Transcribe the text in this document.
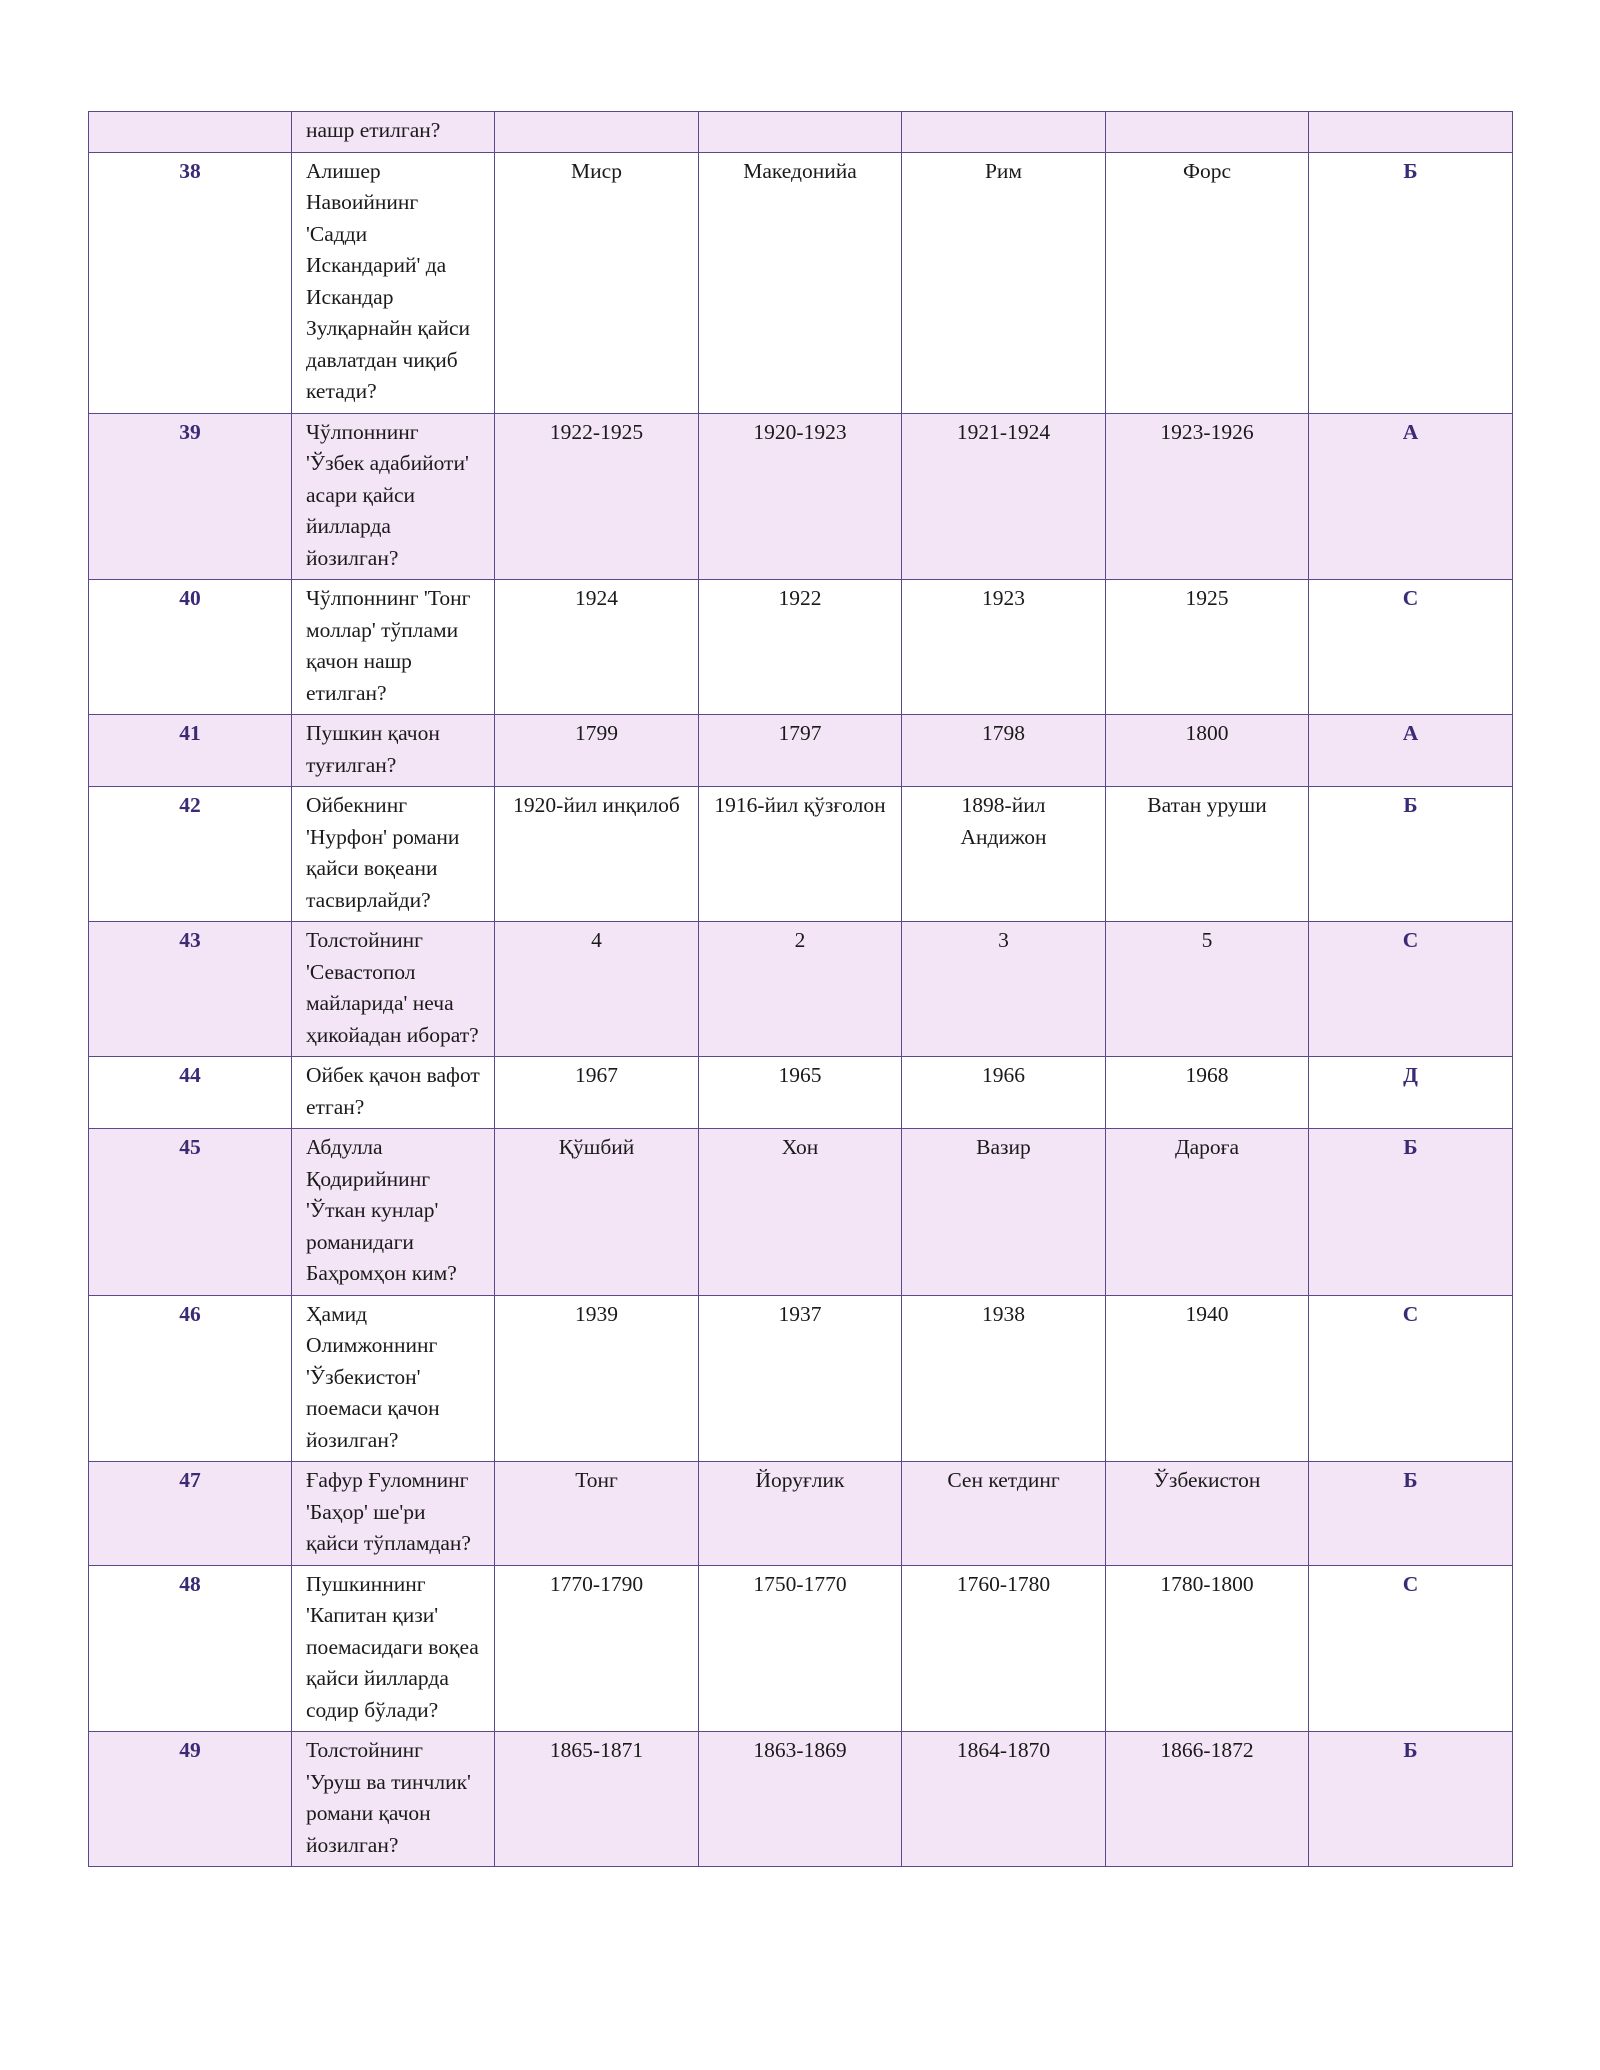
	нашр етилган?					
38	Алишер Навоийнинг 'Садди Искандарий' да Искандар Зулқарнайн қайси давлатдан чиқиб кетади?	Миср	Македонийа	Рим	Форс	Б
39	Чўлпоннинг 'Ўзбек адабийоти' асари қайси йилларда йозилган?	1922-1925	1920-1923	1921-1924	1923-1926	А
40	Чўлпоннинг 'Тонг моллар' тўплами қачон нашр етилган?	1924	1922	1923	1925	С
41	Пушкин қачон туғилган?	1799	1797	1798	1800	А
42	Ойбекнинг 'Нурфон' романи қайси воқеани тасвирлайди?	1920-йил инқилоб	1916-йил қўзғолон	1898-йил Андижон	Ватан уруши	Б
43	Толстойнинг 'Севастопол майларида' неча ҳикойадан иборат?	4	2	3	5	С
44	Ойбек қачон вафот етган?	1967	1965	1966	1968	Д
45	Абдулла Қодирийнинг 'Ўткан кунлар' романидаги Баҳромҳон ким?	Қўшбий	Хон	Вазир	Дароға	Б
46	Ҳамид Олимжоннинг 'Ўзбекистон' поемаси қачон йозилган?	1939	1937	1938	1940	С
47	Ғафур Ғуломнинг 'Баҳор' ше'ри қайси тўпламдан?	Тонг	Йоруғлик	Сен кетдинг	Ўзбекистон	Б
48	Пушкиннинг 'Капитан қизи' поемасидаги воқеа қайси йилларда содир бўлади?	1770-1790	1750-1770	1760-1780	1780-1800	С
49	Толстойнинг 'Уруш ва тинчлик' романи қачон йозилган?	1865-1871	1863-1869	1864-1870	1866-1872	Б
